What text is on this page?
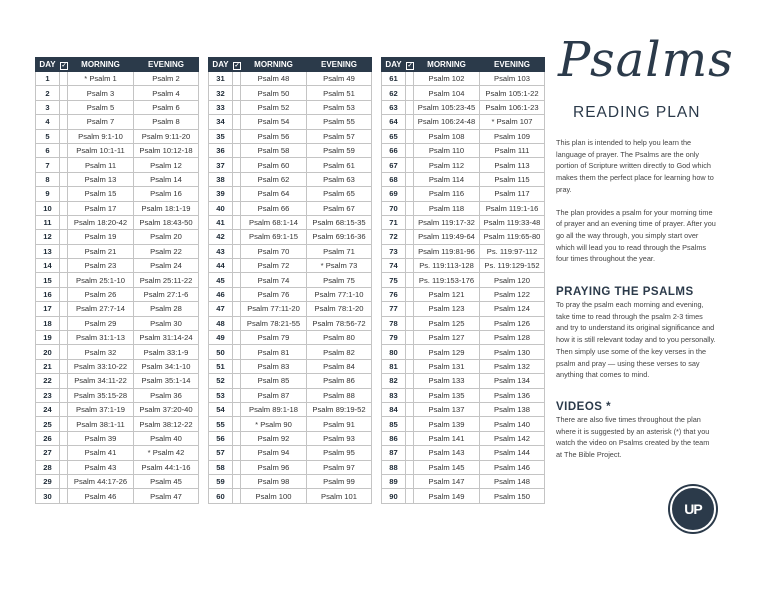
DAY	✓	MORNING	EVENING
1		* Psalm 1	Psalm 2
2		Psalm 3	Psalm 4
3		Psalm 5	Psalm 6
4		Psalm 7	Psalm 8
5		Psalm 9:1-10	Psalm 9:11-20
6		Psalm 10:1-11	Psalm 10:12-18
7		Psalm 11	Psalm 12
8		Psalm 13	Psalm 14
9		Psalm 15	Psalm 16
10		Psalm 17	Psalm 18:1-19
11		Psalm 18:20-42	Psalm 18:43-50
12		Psalm 19	Psalm 20
13		Psalm 21	Psalm 22
14		Psalm 23	Psalm 24
15		Psalm 25:1-10	Psalm 25:11-22
16		Psalm 26	Psalm 27:1-6
17		Psalm 27:7-14	Psalm 28
18		Psalm 29	Psalm 30
19		Psalm 31:1-13	Psalm 31:14-24
20		Psalm 32	Psalm 33:1-9
21		Psalm 33:10-22	Psalm 34:1-10
22		Psalm 34:11-22	Psalm 35:1-14
23		Psalm 35:15-28	Psalm 36
24		Psalm 37:1-19	Psalm 37:20-40
25		Psalm 38:1-11	Psalm 38:12-22
26		Psalm 39	Psalm 40
27		Psalm 41	* Psalm 42
28		Psalm 43	Psalm 44:1-16
29		Psalm 44:17-26	Psalm 45
30		Psalm 46	Psalm 47
DAY	✓	MORNING	EVENING
31		Psalm 48	Psalm 49
32		Psalm 50	Psalm 51
33		Psalm 52	Psalm 53
34		Psalm 54	Psalm 55
35		Psalm 56	Psalm 57
36		Psalm 58	Psalm 59
37		Psalm 60	Psalm 61
38		Psalm 62	Psalm 63
39		Psalm 64	Psalm 65
40		Psalm 66	Psalm 67
41		Psalm 68:1-14	Psalm 68:15-35
42		Psalm 69:1-15	Psalm 69:16-36
43		Psalm 70	Psalm 71
44		Psalm 72	* Psalm 73
45		Psalm 74	Psalm 75
46		Psalm 76	Psalm 77:1-10
47		Psalm 77:11-20	Psalm 78:1-20
48		Psalm 78:21-55	Psalm 78:56-72
49		Psalm 79	Psalm 80
50		Psalm 81	Psalm 82
51		Psalm 83	Psalm 84
52		Psalm 85	Psalm 86
53		Psalm 87	Psalm 88
54		Psalm 89:1-18	Psalm 89:19-52
55		* Psalm 90	Psalm 91
56		Psalm 92	Psalm 93
57		Psalm 94	Psalm 95
58		Psalm 96	Psalm 97
59		Psalm 98	Psalm 99
60		Psalm 100	Psalm 101
DAY	✓	MORNING	EVENING
61		Psalm 102	Psalm 103
62		Psalm 104	Psalm 105:1-22
63		Psalm 105:23-45	Psalm 106:1-23
64		Psalm 106:24-48	* Psalm 107
65		Psalm 108	Psalm 109
66		Psalm 110	Psalm 111
67		Psalm 112	Psalm 113
68		Psalm 114	Psalm 115
69		Psalm 116	Psalm 117
70		Psalm 118	Psalm 119:1-16
71		Psalm 119:17-32	Psalm 119:33-48
72		Psalm 119:49-64	Psalm 119:65-80
73		Psalm 119:81-96	Ps. 119:97-112
74		Ps. 119:113-128	Ps. 119:129-152
75		Ps. 119:153-176	Psalm 120
76		Psalm 121	Psalm 122
77		Psalm 123	Psalm 124
78		Psalm 125	Psalm 126
79		Psalm 127	Psalm 128
80		Psalm 129	Psalm 130
81		Psalm 131	Psalm 132
82		Psalm 133	Psalm 134
83		Psalm 135	Psalm 136
84		Psalm 137	Psalm 138
85		Psalm 139	Psalm 140
86		Psalm 141	Psalm 142
87		Psalm 143	Psalm 144
88		Psalm 145	Psalm 146
89		Psalm 147	Psalm 148
90		Psalm 149	Psalm 150
Psalms
READING PLAN

This plan is intended to help you learn the language of prayer. The Psalms are the only portion of Scripture written directly to God which makes them the perfect place for learning how to pray.

The plan provides a psalm for your morning time of prayer and an evening time of prayer. After you go all the way through, you simply start over which will lead you to read through the Psalms four times throughout the year.

PRAYING THE PSALMS

To pray the psalm each morning and evening, take time to read through the psalm 2-3 times and try to understand its original significance and how it is still relevant today and to you personally. Then simply use some of the key verses in the psalm and pray — using these verses to say anything that comes to mind.

VIDEOS *

There are also five times throughout the plan where it is suggested by an asterisk (*) that you watch the video on Psalms created by the team at The Bible Project.

UP
